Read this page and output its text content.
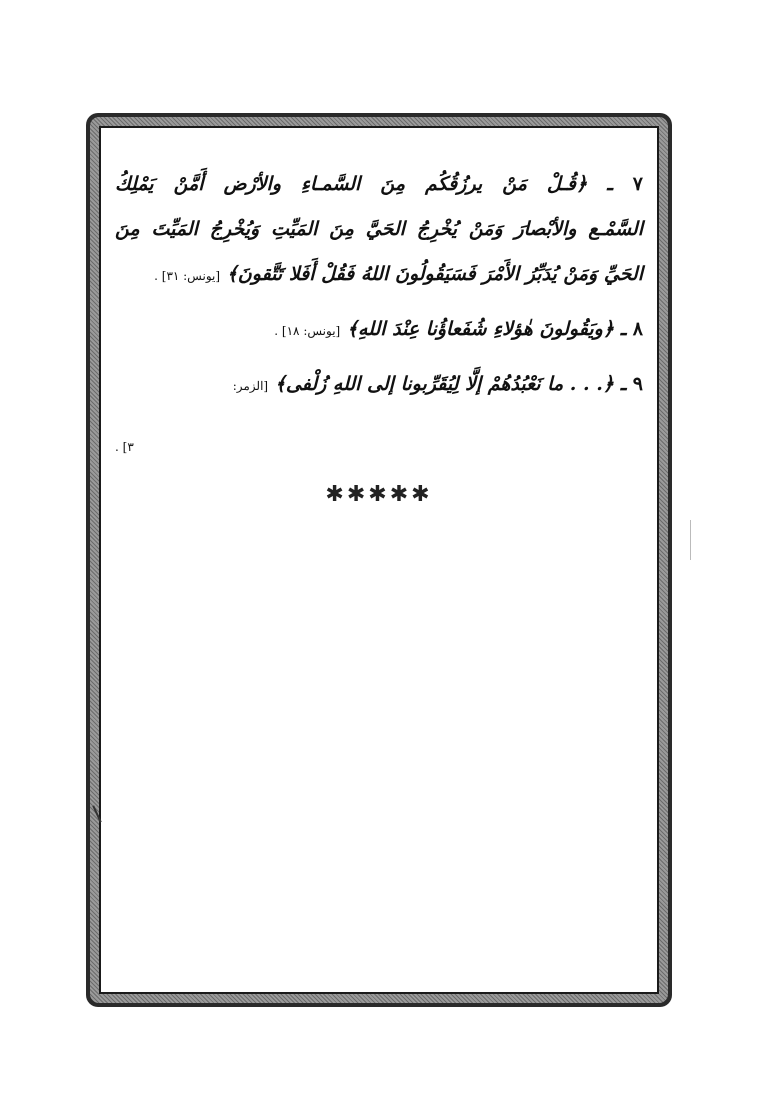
٧ ـ ﴿قُـلْ مَنْ يرزُقُكُم مِنَ السَّمـاءِ والأرْض أَمَّنْ يَمْلِكُ
السَّمْـع والأبْصارَ وَمَنْ يُخْرِجُ الحَيَّ مِنَ المَيِّتِ وَيُخْرِجُ المَيِّتَ مِنَ
الحَيِّ وَمَنْ يُدَبِّرُ الأَمْرَ فَسَيَقُولُونَ اللهُ فَقُلْ أَفَلا تَتَّقونَ﴾ [يونس: ٣١] .
٨ ـ ﴿ويَقُولونَ هٰؤلاءِ شُفَعاؤُنا عِنْدَ اللهِ﴾ [يونس: ١٨] .
٩ ـ ﴿. . . ما نَعْبُدُهُمْ إلَّا لِيُقَرِّبونا إلى اللهِ زُلْفى﴾ [الزمر:
٣] .
✱✱✱✱✱
